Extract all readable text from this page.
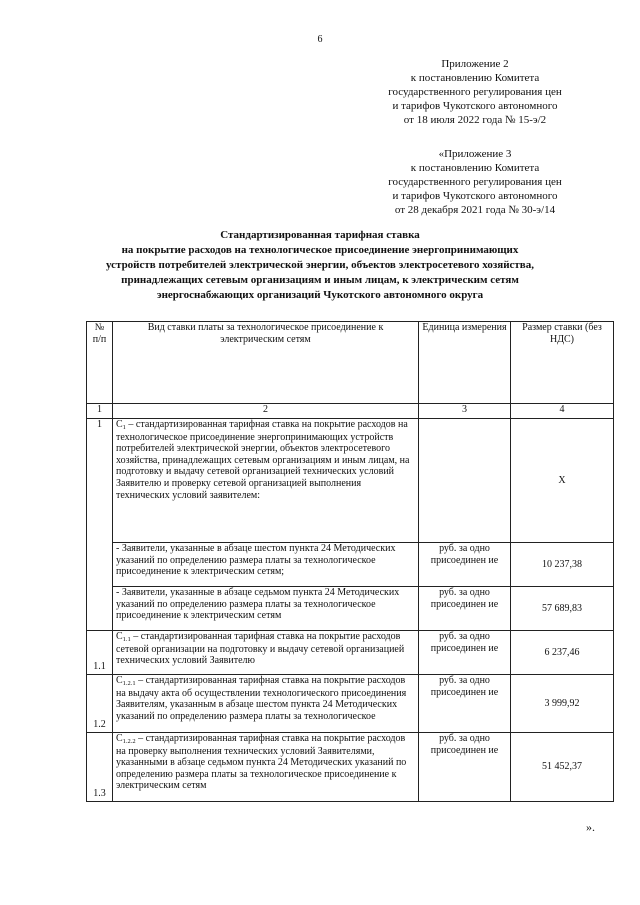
6
Приложение 2
к постановлению Комитета
государственного регулирования цен
и тарифов Чукотского автономного
от 18 июля 2022 года № 15-э/2
«Приложение 3
к постановлению Комитета
государственного регулирования цен
и тарифов Чукотского автономного
от 28 декабря 2021 года № 30-э/14
Стандартизированная тарифная ставка
на покрытие расходов на технологическое присоединение энергопринимающих
устройств потребителей электрической энергии, объектов электросетевого хозяйства,
принадлежащих сетевым организациям и иным лицам, к электрическим сетям
энергоснабжающих организаций Чукотского автономного округа
№ п/п	Вид ставки платы за технологическое присоединение к электрическим сетям	Единица измерения	Размер ставки (без НДС)
1	2	3	4
1	$С_1$ – стандартизированная тарифная ставка на покрытие расходов на технологическое присоединение энергопринимающих устройств потребителей электрической энергии, объектов электросетевого хозяйства, принадлежащих сетевым организациям и иным лицам, на подготовку и выдачу сетевой организацией технических условий Заявителю и проверку сетевой организацией выполнения технических условий заявителем:		X
	- Заявители, указанные в абзаце шестом пункта 24 Методических указаний по определению размера платы за технологическое присоединение к электрическим сетям;	руб. за одно присоединен ие	10 237,38
	- Заявители, указанные в абзаце седьмом пункта 24 Методических указаний по определению размера платы за технологическое присоединение к электрическим сетям	руб. за одно присоединен ие	57 689,83
1.1	$С_{1.1}$ – стандартизированная тарифная ставка на покрытие расходов сетевой организации на подготовку и выдачу сетевой организацией технических условий Заявителю	руб. за одно присоединен ие	6 237,46
1.2	$С_{1.2.1}$ – стандартизированная тарифная ставка на покрытие расходов на выдачу акта об осуществлении технологического присоединения Заявителям, указанным в абзаце шестом пункта 24 Методических указаний по определению размера платы за технологическое	руб. за одно присоединен ие	3 999,92
1.3	$С_{1.2.2}$ – стандартизированная тарифная ставка на покрытие расходов на проверку выполнения технических условий Заявителями, указанными в абзаце седьмом пункта 24 Методических указаний по определению размера платы за технологическое присоединение к электрическим сетям	руб. за одно присоединен ие	51 452,37
».
